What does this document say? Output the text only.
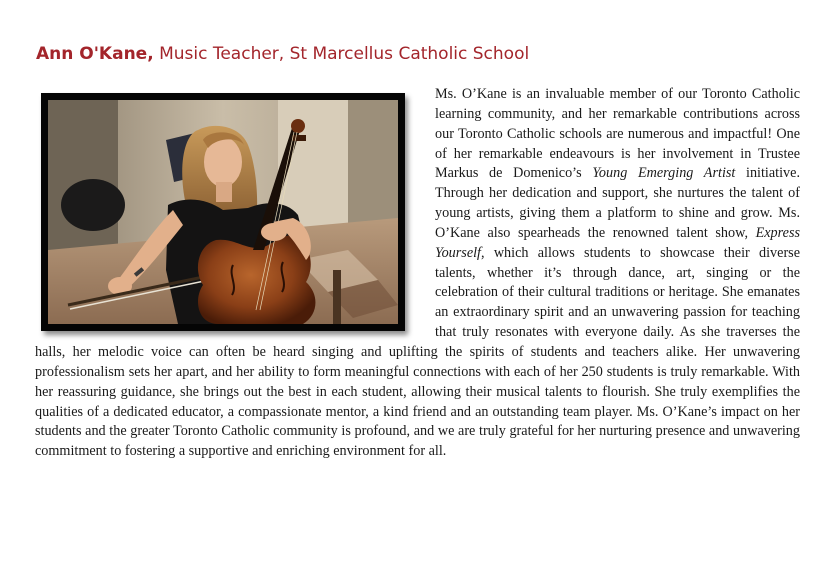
Ann O'Kane, Music Teacher, St Marcellus Catholic School
Ms. O’Kane is an invaluable member of our Toronto Catholic learning community, and her remarkable contributions across our Toronto Catholic schools are numerous and impactful! One of her remarkable endeavours is her involvement in Trustee Markus de Domenico’s Young Emerging Artist initiative. Through her dedication and support, she nurtures the talent of young artists, giving them a platform to shine and grow. Ms. O’Kane also spearheads the renowned talent show, Express Yourself, which allows students to showcase their diverse talents, whether it’s through dance, art, singing or the celebration of their cultural traditions or heritage. She emanates an extraordinary spirit and an unwavering passion for teaching that truly resonates with everyone daily. As she traverses the halls, her melodic voice can often be heard singing and uplifting the spirits of students and teachers alike. Her unwavering professionalism sets her apart, and her ability to form meaningful connections with each of her 250 students is truly remarkable. With her reassuring guidance, she brings out the best in each student, allowing their musical talents to flourish. She truly exemplifies the qualities of a dedicated educator, a compassionate mentor, a kind friend and an outstanding team player. Ms. O’Kane’s impact on her students and the greater Toronto Catholic community is profound, and we are truly grateful for her nurturing presence and unwavering commitment to fostering a supportive and enriching environment for all.
